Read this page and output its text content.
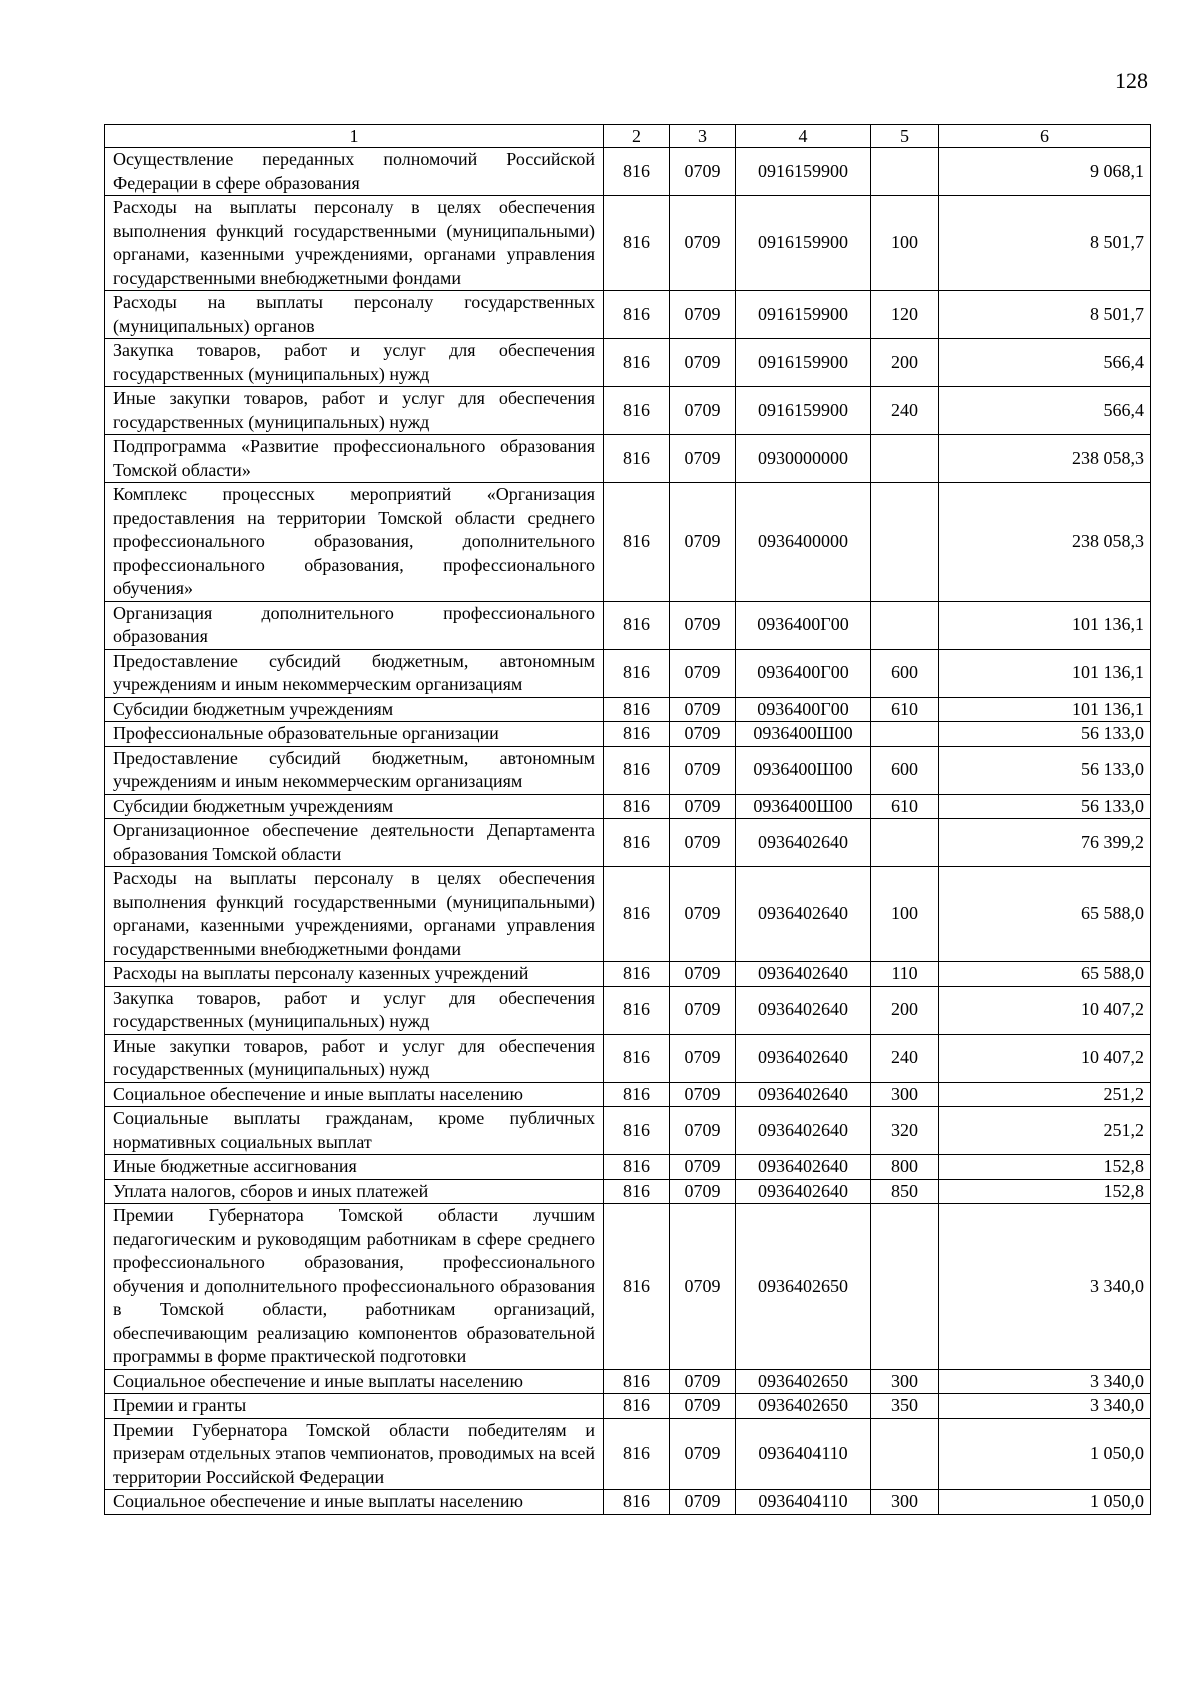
128
1	2	3	4	5	6
Осуществление переданных полномочий Российской Федерации в сфере образования	816	0709	0916159900		9 068,1
Расходы на выплаты персоналу в целях обеспечения выполнения функций государственными (муниципальными) органами, казенными учреждениями, органами управления государственными внебюджетными фондами	816	0709	0916159900	100	8 501,7
Расходы на выплаты персоналу государственных (муниципальных) органов	816	0709	0916159900	120	8 501,7
Закупка товаров, работ и услуг для обеспечения государственных (муниципальных) нужд	816	0709	0916159900	200	566,4
Иные закупки товаров, работ и услуг для обеспечения государственных (муниципальных) нужд	816	0709	0916159900	240	566,4
Подпрограмма «Развитие профессионального образования Томской области»	816	0709	0930000000		238 058,3
Комплекс процессных мероприятий «Организация предоставления на территории Томской области среднего профессионального образования, дополнительного профессионального образования, профессионального обучения»	816	0709	0936400000		238 058,3
Организация дополнительного профессионального образования	816	0709	0936400Г00		101 136,1
Предоставление субсидий бюджетным, автономным учреждениям и иным некоммерческим организациям	816	0709	0936400Г00	600	101 136,1
Субсидии бюджетным учреждениям	816	0709	0936400Г00	610	101 136,1
Профессиональные образовательные организации	816	0709	0936400Ш00		56 133,0
Предоставление субсидий бюджетным, автономным учреждениям и иным некоммерческим организациям	816	0709	0936400Ш00	600	56 133,0
Субсидии бюджетным учреждениям	816	0709	0936400Ш00	610	56 133,0
Организационное обеспечение деятельности Департамента образования Томской области	816	0709	0936402640		76 399,2
Расходы на выплаты персоналу в целях обеспечения выполнения функций государственными (муниципальными) органами, казенными учреждениями, органами управления государственными внебюджетными фондами	816	0709	0936402640	100	65 588,0
Расходы на выплаты персоналу казенных учреждений	816	0709	0936402640	110	65 588,0
Закупка товаров, работ и услуг для обеспечения государственных (муниципальных) нужд	816	0709	0936402640	200	10 407,2
Иные закупки товаров, работ и услуг для обеспечения государственных (муниципальных) нужд	816	0709	0936402640	240	10 407,2
Социальное обеспечение и иные выплаты населению	816	0709	0936402640	300	251,2
Социальные выплаты гражданам, кроме публичных нормативных социальных выплат	816	0709	0936402640	320	251,2
Иные бюджетные ассигнования	816	0709	0936402640	800	152,8
Уплата налогов, сборов и иных платежей	816	0709	0936402640	850	152,8
Премии Губернатора Томской области лучшим педагогическим и руководящим работникам в сфере среднего профессионального образования, профессионального обучения и дополнительного профессионального образования в Томской области, работникам организаций, обеспечивающим реализацию компонентов образовательной программы в форме практической подготовки	816	0709	0936402650		3 340,0
Социальное обеспечение и иные выплаты населению	816	0709	0936402650	300	3 340,0
Премии и гранты	816	0709	0936402650	350	3 340,0
Премии Губернатора Томской области победителям и призерам отдельных этапов чемпионатов, проводимых на всей территории Российской Федерации	816	0709	0936404110		1 050,0
Социальное обеспечение и иные выплаты населению	816	0709	0936404110	300	1 050,0
